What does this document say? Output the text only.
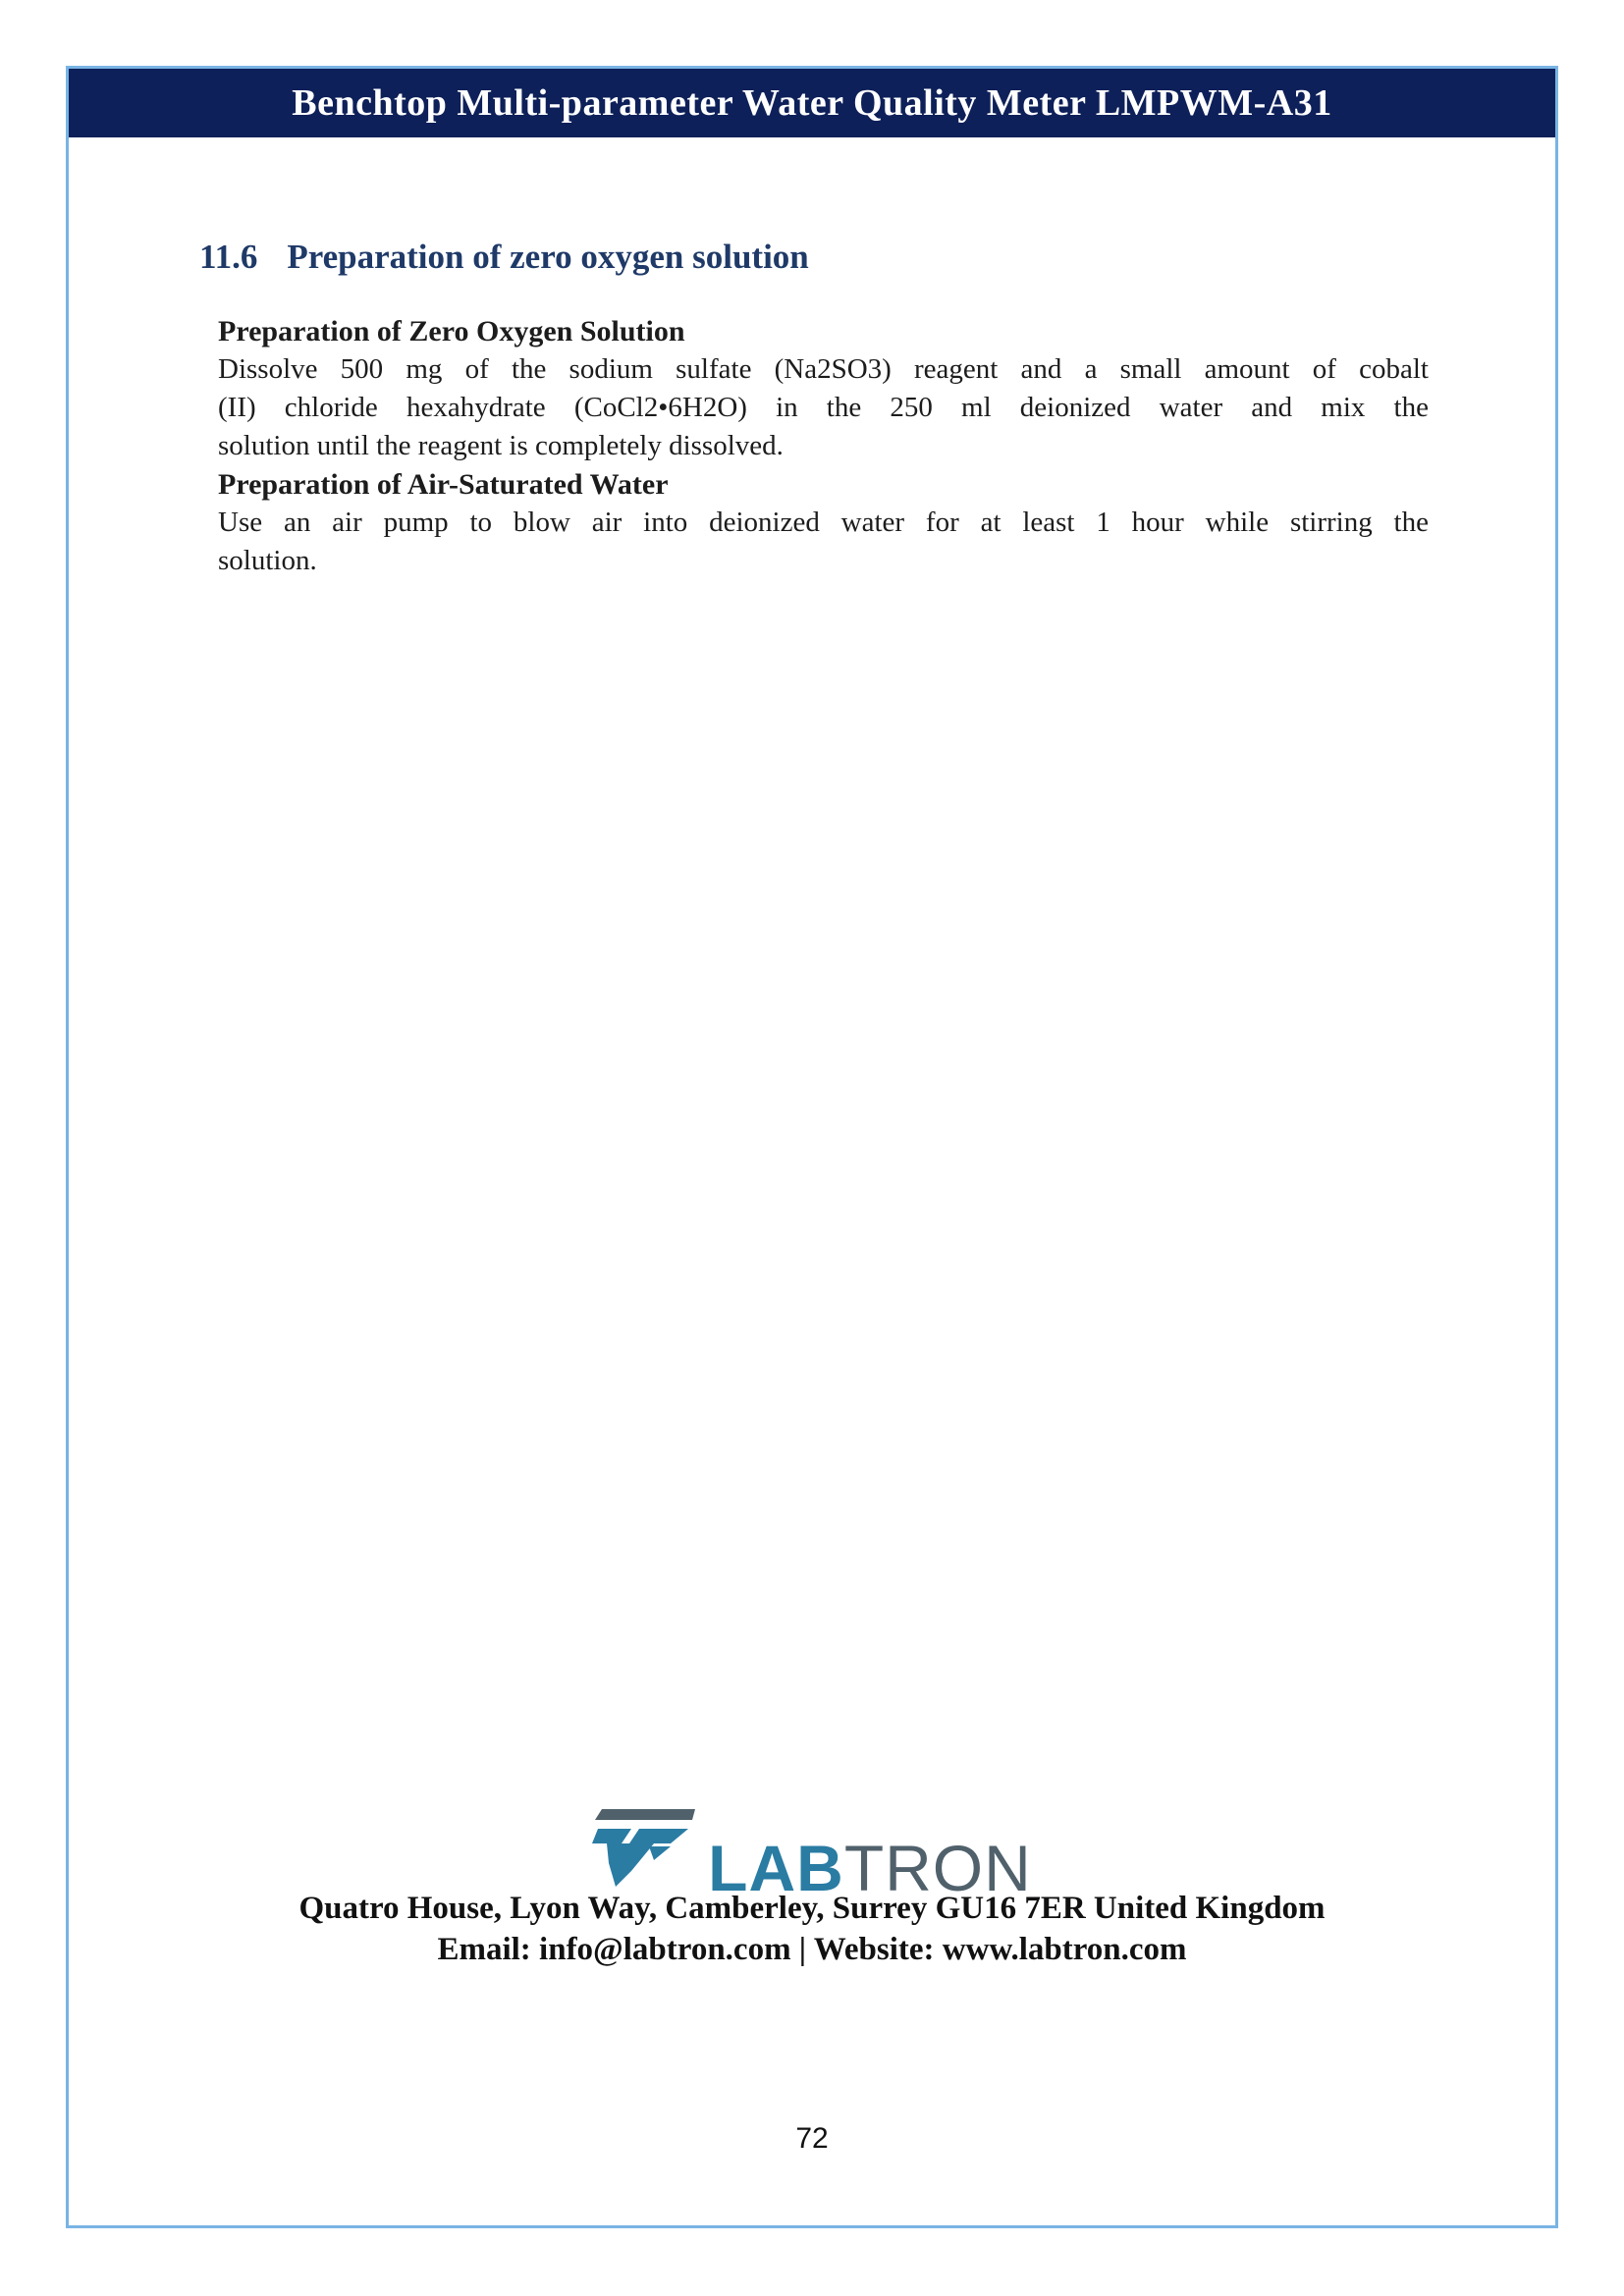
Benchtop Multi-parameter Water Quality Meter LMPWM-A31
11.6 Preparation of zero oxygen solution
Preparation of Zero Oxygen Solution
Dissolve 500 mg of the sodium sulfate (Na2SO3) reagent and a small amount of cobalt
(II) chloride hexahydrate (CoCl2•6H2O) in the 250 ml deionized water and mix the
solution until the reagent is completely dissolved.
Preparation of Air-Saturated Water
Use an air pump to blow air into deionized water for at least 1 hour while stirring the
solution.
LABTRON
Quatro House, Lyon Way, Camberley, Surrey GU16 7ER United Kingdom
Email: info@labtron.com | Website: www.labtron.com
72
